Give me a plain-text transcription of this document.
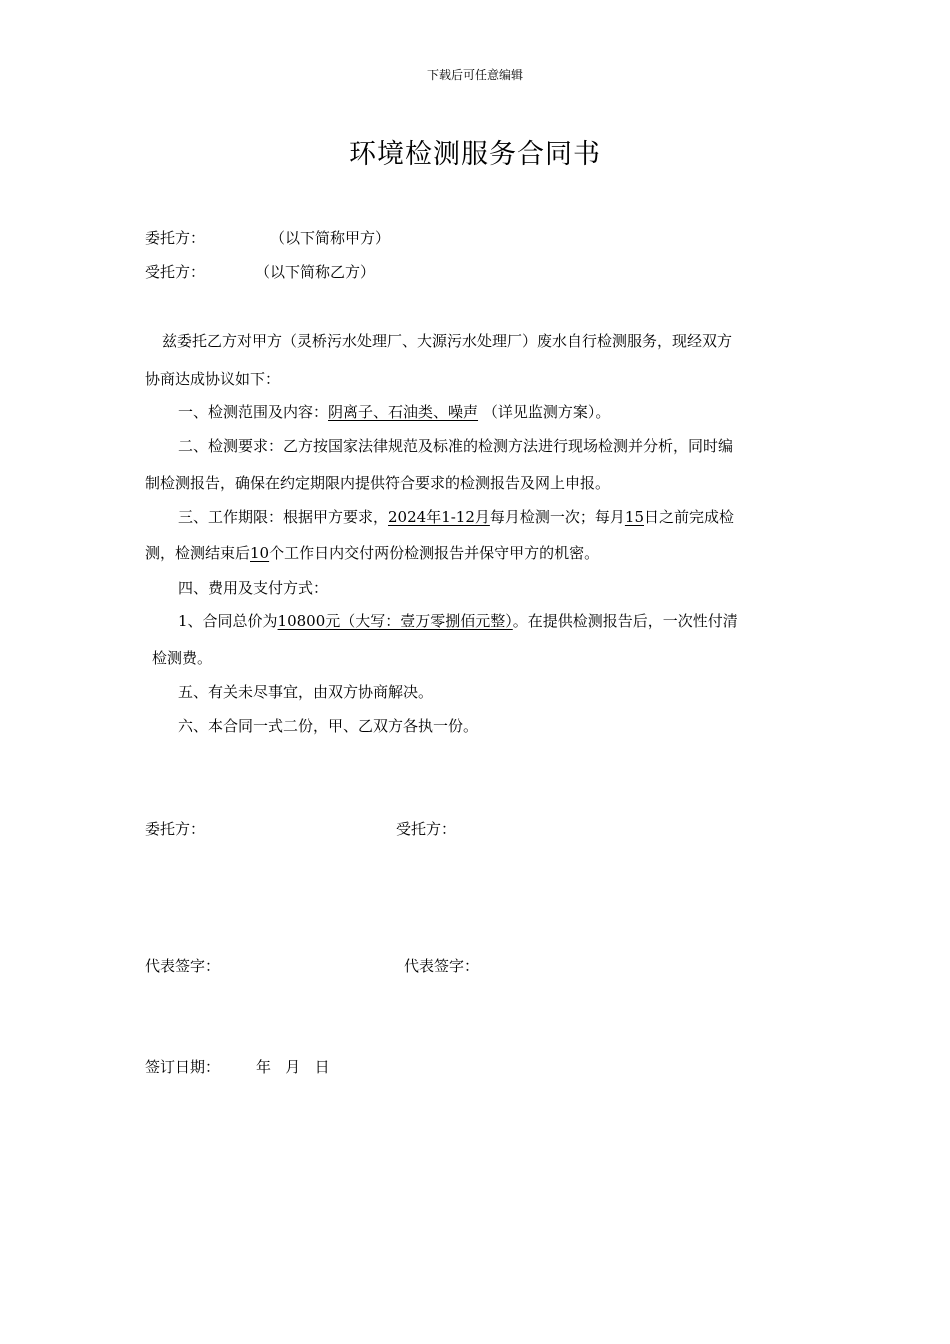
下载后可任意编辑
环境检测服务合同书
委托方：	（以下简称甲方）
受托方：	（以下简称乙方）
兹委托乙方对甲方（灵桥污水处理厂、大源污水处理厂）废水自行检测服务，现经双方
协商达成协议如下：
一、检测范围及内容：阴离子、石油类、噪声 （详见监测方案）。
二、检测要求：乙方按国家法律规范及标准的检测方法进行现场检测并分析，同时编
制检测报告，确保在约定期限内提供符合要求的检测报告及网上申报。
三、工作期限：根据甲方要求，2024年1-12月每月检测一次；每月15日之前完成检
测，检测结束后10个工作日内交付两份检测报告并保守甲方的机密。
四、费用及支付方式：
1、合同总价为10800元（大写：壹万零捌佰元整）。在提供检测报告后，一次性付清
检测费。
五、有关未尽事宜，由双方协商解决。
六、本合同一式二份，甲、乙双方各执一份。
委托方：	受托方：
代表签字：	代表签字：
签订日期： 年   月   日
